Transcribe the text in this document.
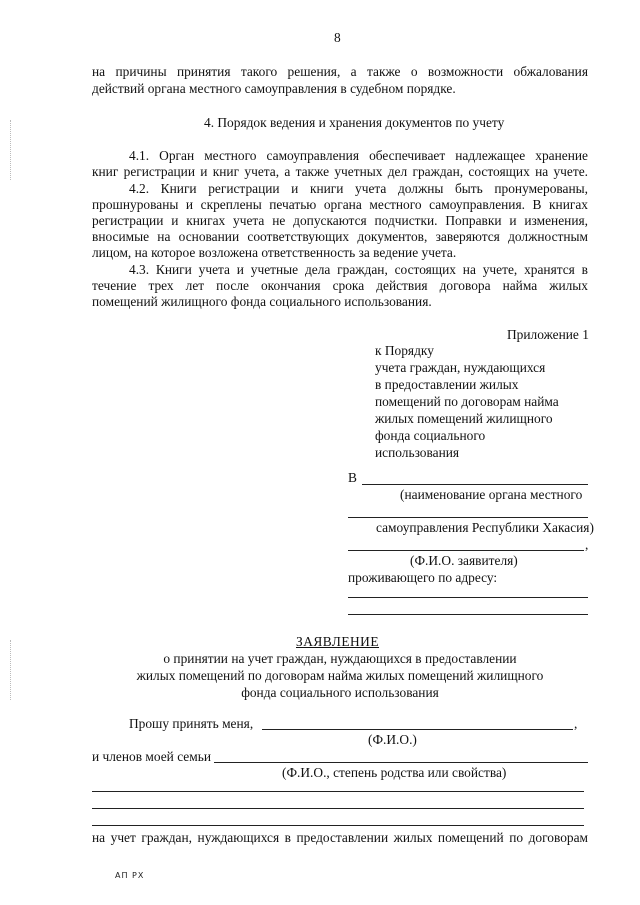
8
на причины принятия такого решения, а также о возможности обжалования
действий органа местного самоуправления в судебном порядке.
4. Порядок ведения и хранения документов по учету
4.1. Орган местного самоуправления обеспечивает надлежащее хранение
книг регистрации и книг учета, а также учетных дел граждан, состоящих на учете.
4.2. Книги регистрации и книги учета должны быть пронумерованы,
прошнурованы и скреплены печатью органа местного самоуправления. В книгах
регистрации и книгах учета не допускаются подчистки. Поправки и изменения,
вносимые на основании соответствующих документов, заверяются должностным
лицом, на которое возложена ответственность за ведение учета.
4.3. Книги учета и учетные дела граждан, состоящих на учете, хранятся в
течение трех лет после окончания срока действия договора найма жилых
помещений жилищного фонда социального использования.
Приложение 1
к Порядку
учета граждан, нуждающихся
в предоставлении жилых
помещений по договорам найма
жилых помещений жилищного
фонда социального
использования
В
(наименование органа местного
самоуправления Республики Хакасия)
,
(Ф.И.О. заявителя)
проживающего по адресу:
ЗАЯВЛЕНИЕ
о принятии на учет граждан, нуждающихся в предоставлении
жилых помещений по договорам найма жилых помещений жилищного
фонда социального использования
Прошу принять меня,	,
(Ф.И.О.)
и членов моей семьи
(Ф.И.О., степень родства или свойства)
на учет граждан, нуждающихся в предоставлении жилых помещений по договорам
АП РХ
